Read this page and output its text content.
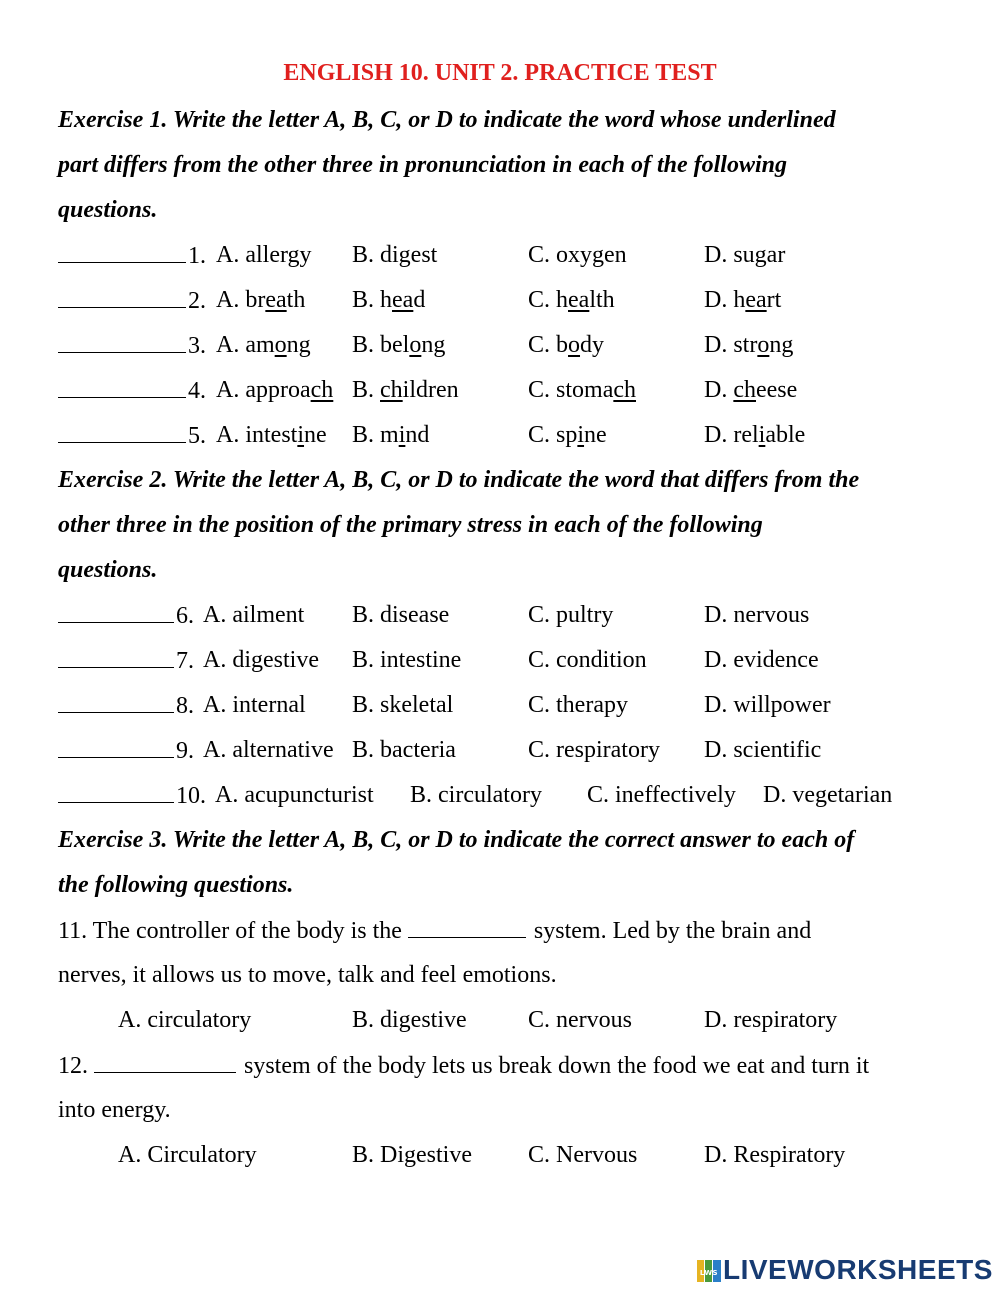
ENGLISH 10. UNIT 2. PRACTICE TEST
Exercise 1. Write the letter A, B, C, or D to indicate the word whose underlined
part differs from the other three in pronunciation in each of the following
questions.
1. A. allergy B. digest	C. oxygen	D. sugar
2. A. breath B. head	C. health	D. heart
3. A. among B. belong	C. body	D. strong
4. A. approach B. children	C. stomach	D. cheese
5. A. intestine B. mind	C. spine	D. reliable
Exercise 2. Write the letter A, B, C, or D to indicate the word that differs from the
other three in the position of the primary stress in each of the following
questions.
6. A. ailment B. disease	C. pultry	D. nervous
7. A. digestive B. intestine	C. condition D. evidence
8. A. internal B. skeletal	C. therapy	D. willpower
9. A. alternative B. bacteria	C. respiratory D. scientific
10. A. acupuncturist B. circulatory C. ineffectively D. vegetarian
Exercise 3. Write the letter A, B, C, or D to indicate the correct answer to each of
the following questions.
11. The controller of the body is the	system. Led by the brain and
nerves, it allows us to move, talk and feel emotions.
A. circulatory	B. digestive	C. nervous	D. respiratory
12.	system of the body lets us break down the food we eat and turn it
into energy.
A. Circulatory	B. Digestive C. Nervous	D. Respiratory
LWS LIVEWORKSHEETS
